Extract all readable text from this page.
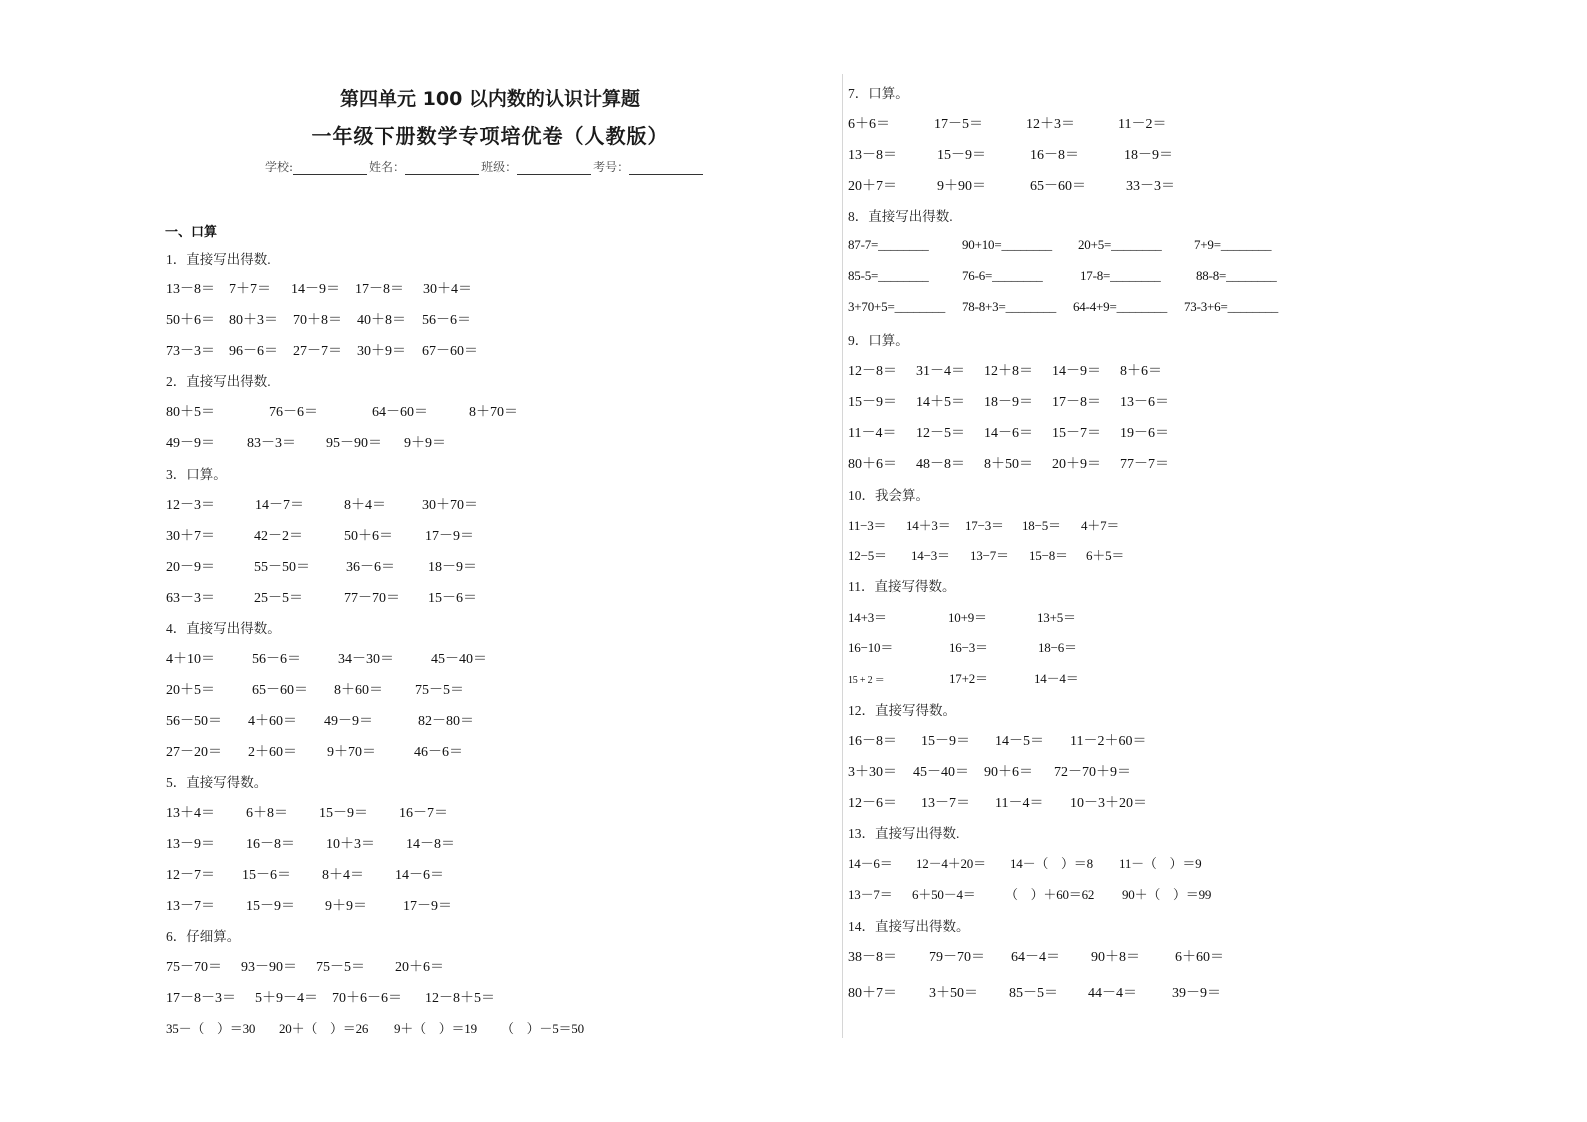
第四单元 100 以内数的认识计算题
一年级下册数学专项培优卷（人教版）
学校:	姓名：	班级：	考号：
一、口算
1．直接写出得数.
13－8＝ 7＋7＝ 14－9＝ 17－8＝ 30＋4＝
50＋6＝ 80＋3＝ 70＋8＝ 40＋8＝ 56－6＝
73－3＝ 96－6＝ 27－7＝ 30＋9＝ 67－60＝
2．直接写出得数.
80＋5＝	76－6＝	64－60＝	8＋70＝
49－9＝ 83－3＝ 95－90＝ 9＋9＝
3．口算。
12－3＝	14－7＝	8＋4＝	30＋70＝
30＋7＝	42－2＝	50＋6＝ 17－9＝
20－9＝	55－50＝	36－6＝ 18－9＝
63－3＝	25－5＝	77－70＝ 15－6＝
4．直接写出得数。
4＋10＝	56－6＝	34－30＝	45－40＝
20＋5＝	65－60＝ 8＋60＝ 75－5＝
56－50＝ 4＋60＝ 49－9＝	82－80＝
27－20＝ 2＋60＝ 9＋70＝	46－6＝
5．直接写得数。
13＋4＝ 6＋8＝ 15－9＝ 16－7＝
13－9＝ 16－8＝ 10＋3＝ 14－8＝
12－7＝ 15－6＝ 8＋4＝ 14－6＝
13－7＝ 15－9＝ 9＋9＝	17－9＝
6．仔细算。
75－70＝ 93－90＝ 75－5＝ 20＋6＝
17－8－3＝ 5＋9－4＝ 70＋6－6＝ 12－8＋5＝
35－（　）＝30 20＋（　）＝26 9＋（　）＝19 （　）－5＝50
7．口算。
6＋6＝	17－5＝	12＋3＝	11－2＝
13－8＝	15－9＝	16－8＝	18－9＝
20＋7＝	9＋90＝	65－60＝	33－3＝
8．直接写出得数.
87-7=________	90+10=________ 20+5=________ 7+9=________
85-5=________	76-6=________	17-8=________	88-8=________
3+70+5=________ 78-8+3=________ 64-4+9=________ 73-3+6=________
9．口算。
12－8＝ 31－4＝ 12＋8＝ 14－9＝ 8＋6＝
15－9＝ 14＋5＝ 18－9＝ 17－8＝ 13－6＝
11－4＝ 12－5＝ 14－6＝ 15－7＝ 19－6＝
80＋6＝ 48－8＝ 8＋50＝ 20＋9＝ 77－7＝
10．我会算。
11−3＝ 14＋3＝ 17−3＝ 18−5＝ 4＋7＝
12−5＝ 14−3＝ 13−7＝ 15−8＝ 6＋5＝
11．直接写得数。
14+3＝	10+9＝	13+5＝
16−10＝	16−3＝	18−6＝
15 + 2 ＝	17+2＝	14－4＝
12．直接写得数。
16－8＝ 15－9＝ 14－5＝ 11－2＋60＝
3＋30＝ 45－40＝ 90＋6＝ 72－70＋9＝
12－6＝ 13－7＝ 11－4＝ 10－3＋20＝
13．直接写出得数.
14－6＝ 12－4＋20＝ 14－（　）＝8 11－（　）＝9
13－7＝ 6＋50－4＝ （　）＋60＝62 90＋（　）＝99
14．直接写出得数。
38－8＝ 79－70＝ 64－4＝ 90＋8＝	6＋60＝
80＋7＝ 3＋50＝ 85－5＝ 44－4＝	39－9＝
